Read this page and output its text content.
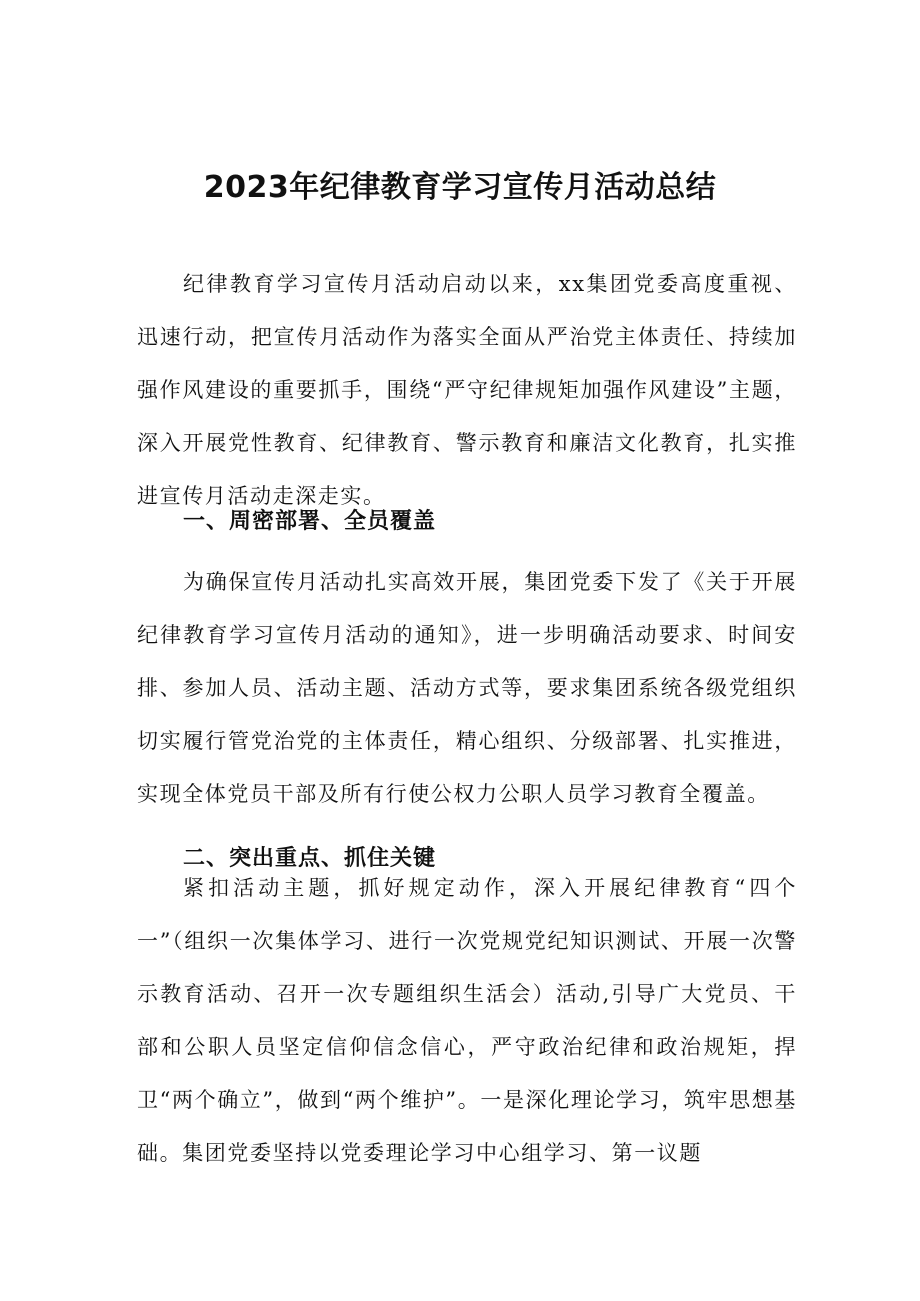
2023年纪律教育学习宣传月活动总结

纪律教育学习宣传月活动启动以来，xx集团党委高度重视、迅速行动，把宣传月活动作为落实全面从严治党主体责任、持续加强作风建设的重要抓手，围绕“严守纪律规矩加强作风建设”主题，深入开展党性教育、纪律教育、警示教育和廉洁文化教育，扎实推进宣传月活动走深走实。

一、周密部署、全员覆盖

为确保宣传月活动扎实高效开展，集团党委下发了《关于开展纪律教育学习宣传月活动的通知》，进一步明确活动要求、时间安排、参加人员、活动主题、活动方式等，要求集团系统各级党组织切实履行管党治党的主体责任，精心组织、分级部署、扎实推进，实现全体党员干部及所有行使公权力公职人员学习教育全覆盖。

二、突出重点、抓住关键

紧扣活动主题，抓好规定动作，深入开展纪律教育“四个一”（组织一次集体学习、进行一次党规党纪知识测试、开展一次警示教育活动、召开一次专题组织生活会）活动,引导广大党员、干部和公职人员坚定信仰信念信心，严守政治纪律和政治规矩，捍卫“两个确立”，做到“两个维护”。一是深化理论学习，筑牢思想基础。集团党委坚持以党委理论学习中心组学习、第一议题
